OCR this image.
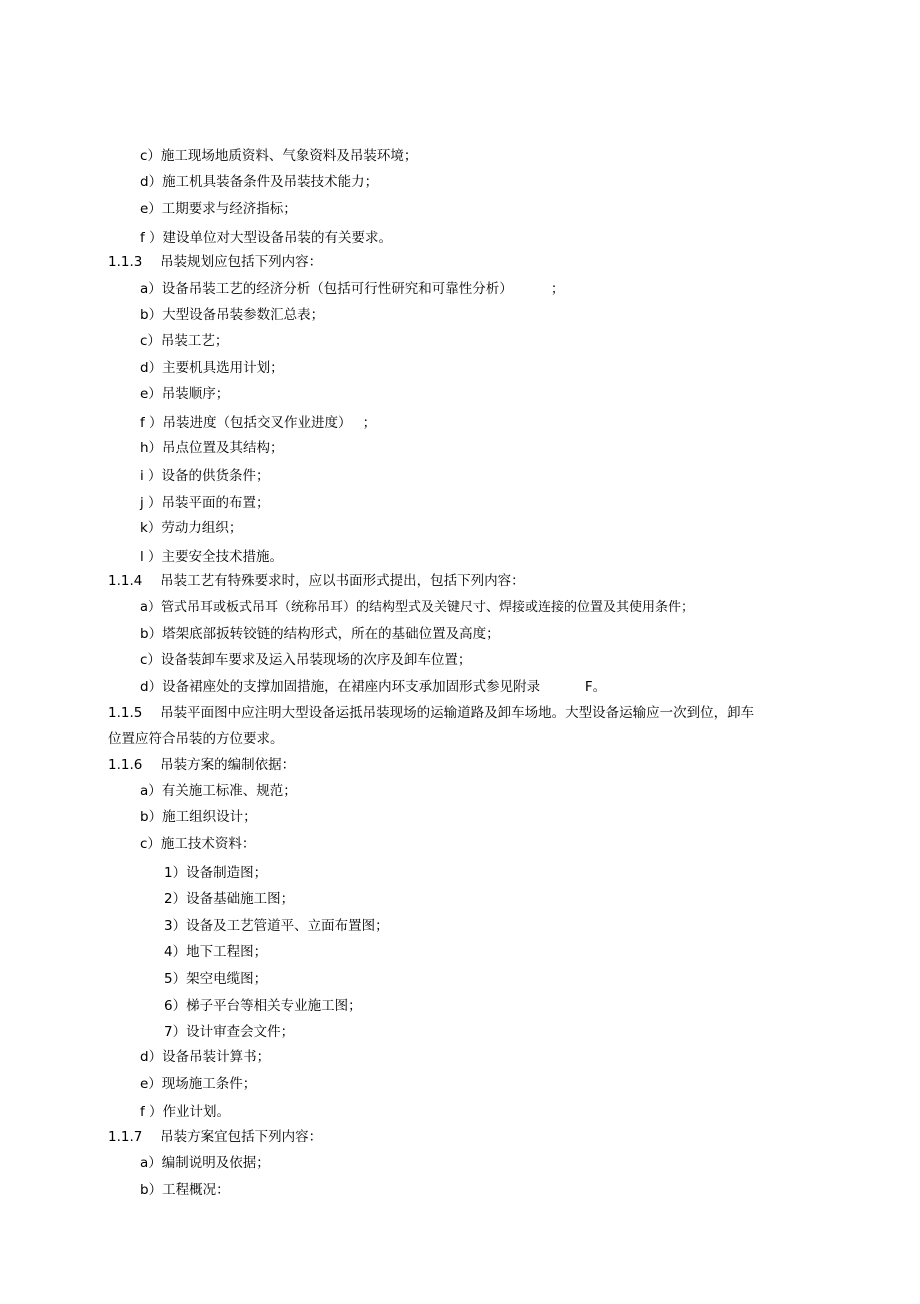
c）施工现场地质资料、气象资料及吊装环境；
d）施工机具装备条件及吊装技术能力；
e）工期要求与经济指标；
f ）建设单位对大型设备吊装的有关要求。
1.1.3　 吊装规划应包括下列内容：
a）设备吊装工艺的经济分析（包括可行性研究和可靠性分析）　　　 ；
b）大型设备吊装参数汇总表；
c）吊装工艺；
d）主要机具选用计划；
e）吊装顺序；
f ）吊装进度（包括交叉作业进度）　 ；
h）吊点位置及其结构；
i ）设备的供货条件；
j ）吊装平面的布置；
k）劳动力组织；
l ）主要安全技术措施。
1.1.4　 吊装工艺有特殊要求时，应以书面形式提出，包括下列内容：
a）管式吊耳或板式吊耳（统称吊耳）的结构型式及关键尺寸、焊接或连接的位置及其使用条件；
b）塔架底部扳转铰链的结构形式，所在的基础位置及高度；
c）设备装卸车要求及运入吊装现场的次序及卸车位置；
d）设备裙座处的支撑加固措施，在裙座内环支承加固形式参见附录　　　 F。
1.1.5　 吊装平面图中应注明大型设备运抵吊装现场的运输道路及卸车场地。大型设备运输应一次到位，卸车位置应符合吊装的方位要求。
1.1.6　 吊装方案的编制依据：
a）有关施工标准、规范；
b）施工组织设计；
c）施工技术资料：
1）设备制造图；
2）设备基础施工图；
3）设备及工艺管道平、立面布置图；
4）地下工程图；
5）架空电缆图；
6）梯子平台等相关专业施工图；
7）设计审查会文件；
d）设备吊装计算书；
e）现场施工条件；
f ）作业计划。
1.1.7　 吊装方案宜包括下列内容：
a）编制说明及依据；
b）工程概况：
